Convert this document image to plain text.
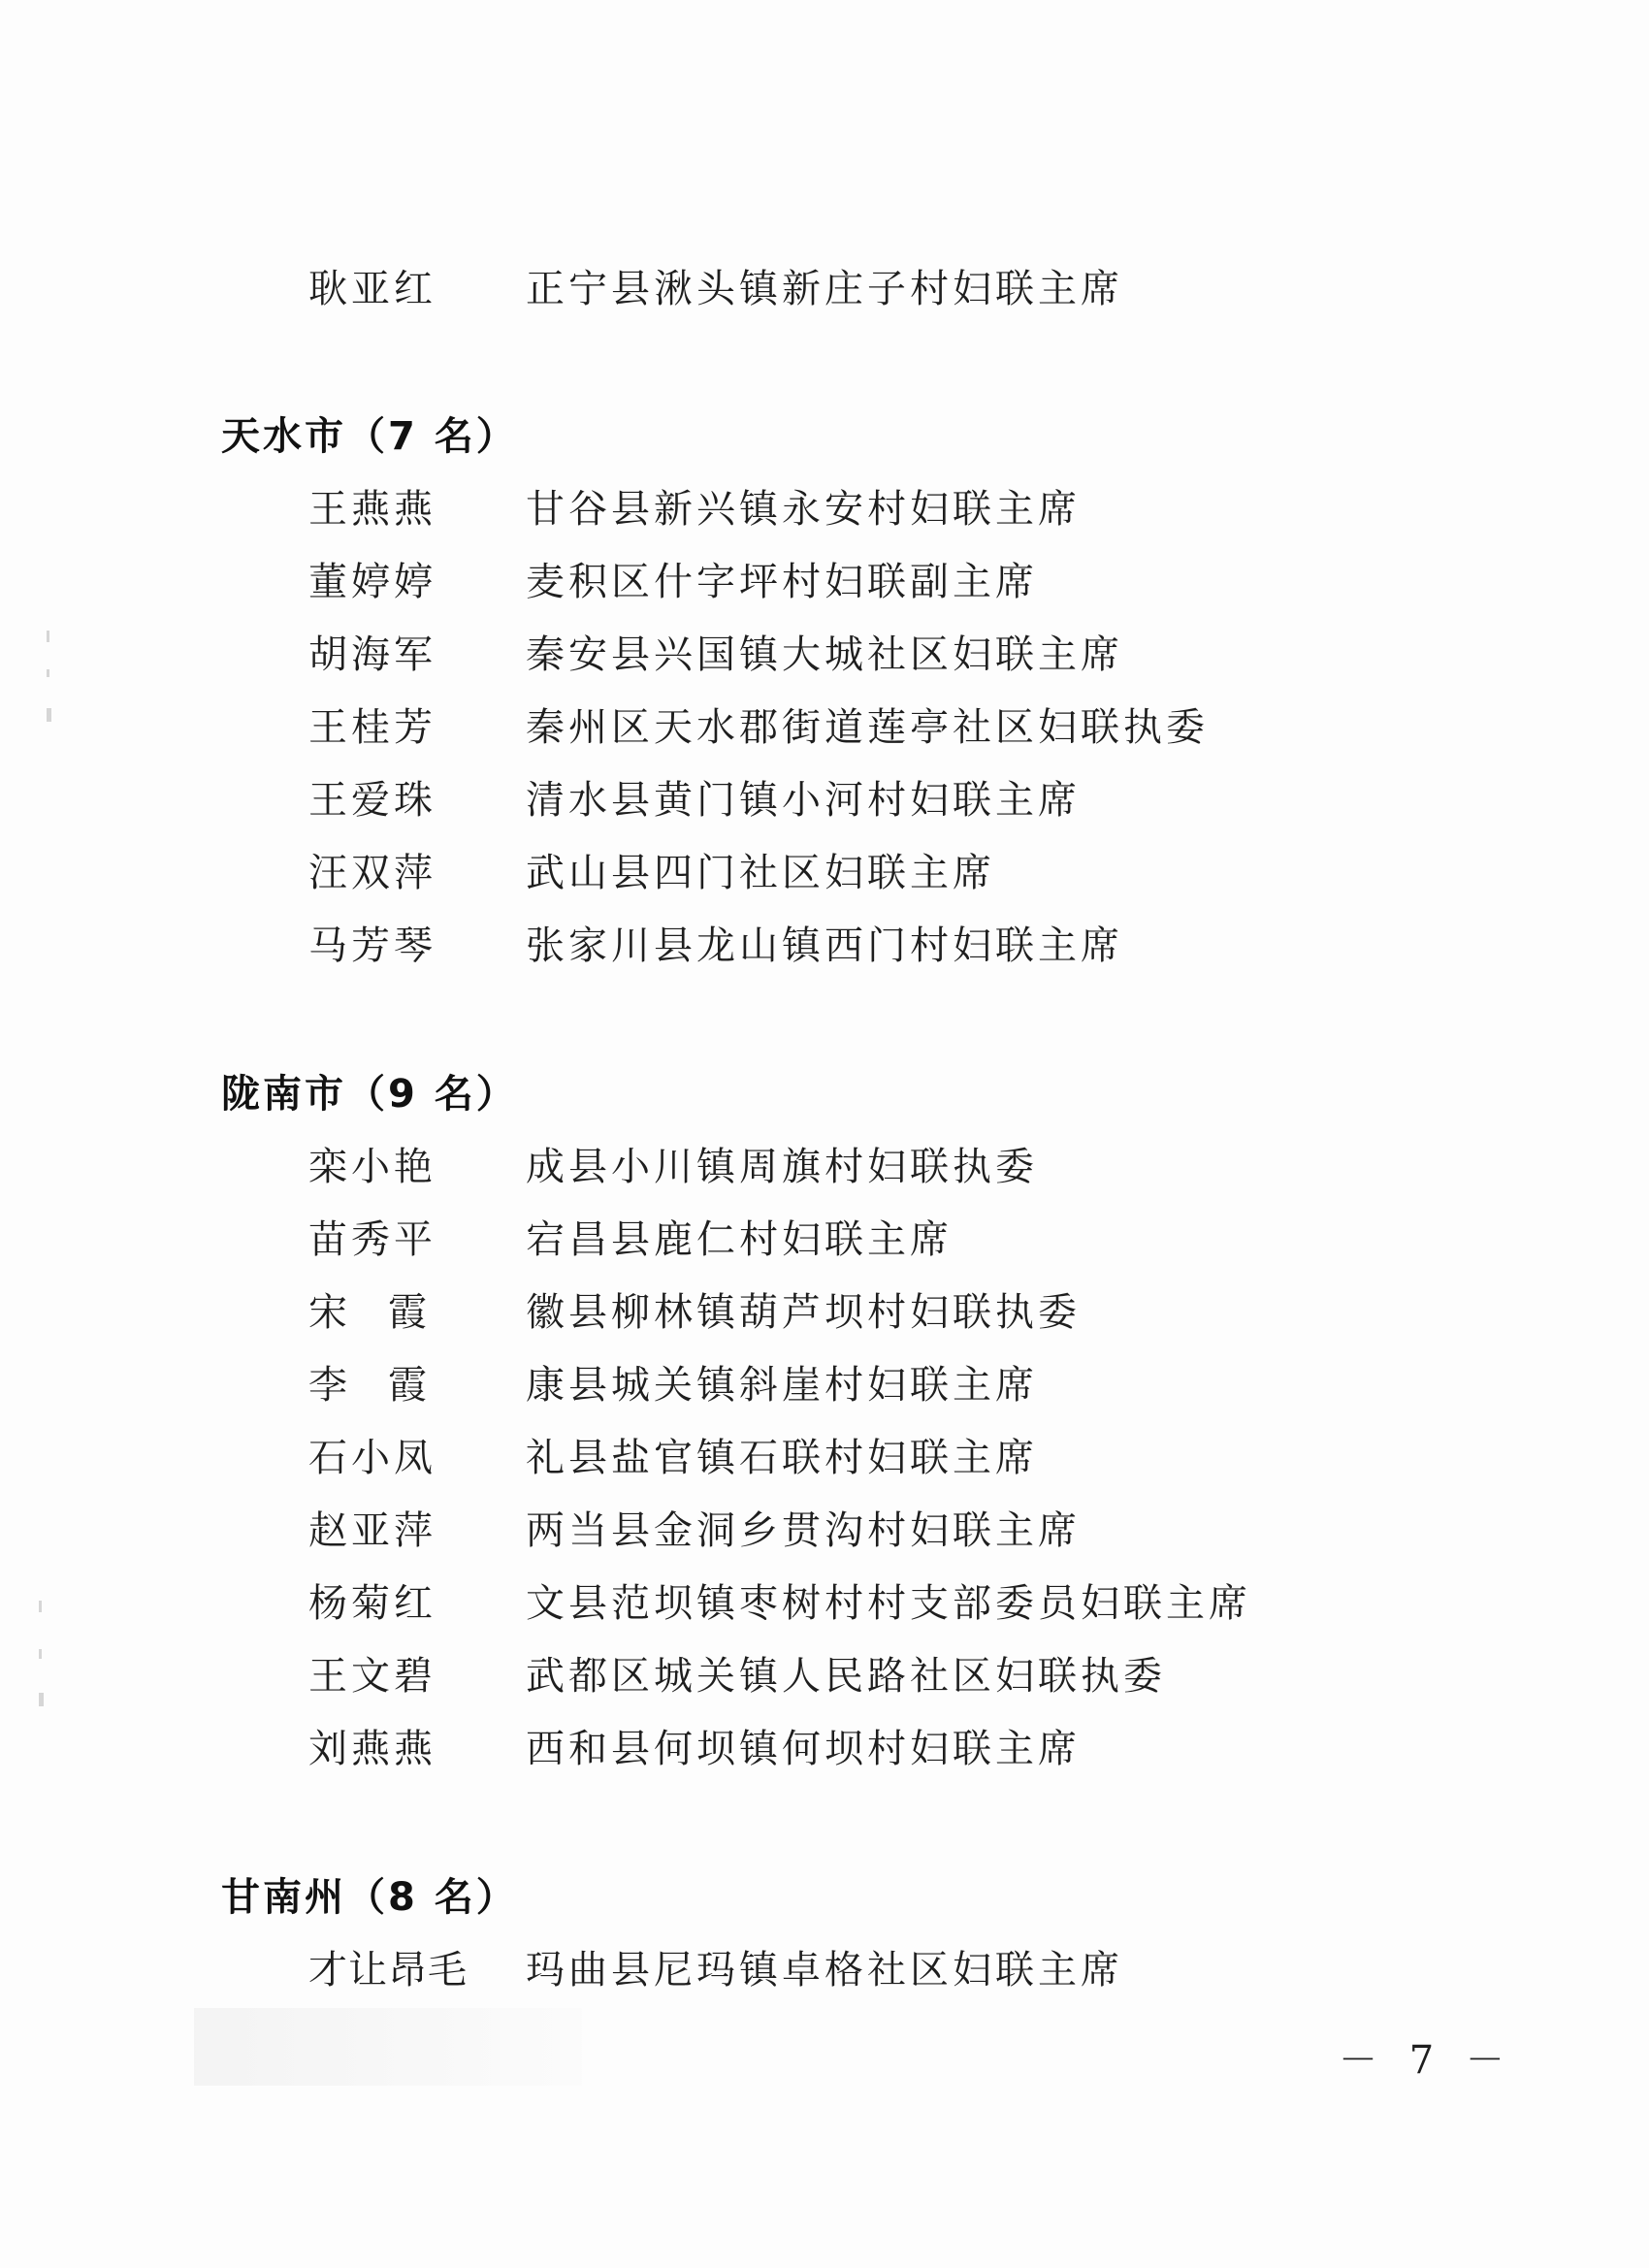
耿亚红 正宁县湫头镇新庄子村妇联主席
天水市（7 名）
王燕燕 甘谷县新兴镇永安村妇联主席
董婷婷 麦积区什字坪村妇联副主席
胡海军 秦安县兴国镇大城社区妇联主席
王桂芳 秦州区天水郡街道莲亭社区妇联执委
王爱珠 清水县黄门镇小河村妇联主席
汪双萍 武山县四门社区妇联主席
马芳琴 张家川县龙山镇西门村妇联主席
陇南市（9 名）
栾小艳 成县小川镇周旗村妇联执委
苗秀平 宕昌县鹿仁村妇联主席
宋霞 徽县柳林镇葫芦坝村妇联执委
李霞 康县城关镇斜崖村妇联主席
石小凤 礼县盐官镇石联村妇联主席
赵亚萍 两当县金洞乡贯沟村妇联主席
杨菊红 文县范坝镇枣树村村支部委员妇联主席
王文碧 武都区城关镇人民路社区妇联执委
刘燕燕 西和县何坝镇何坝村妇联主席
甘南州（8 名）
才让昂毛 玛曲县尼玛镇卓格社区妇联主席
－ 7 －
